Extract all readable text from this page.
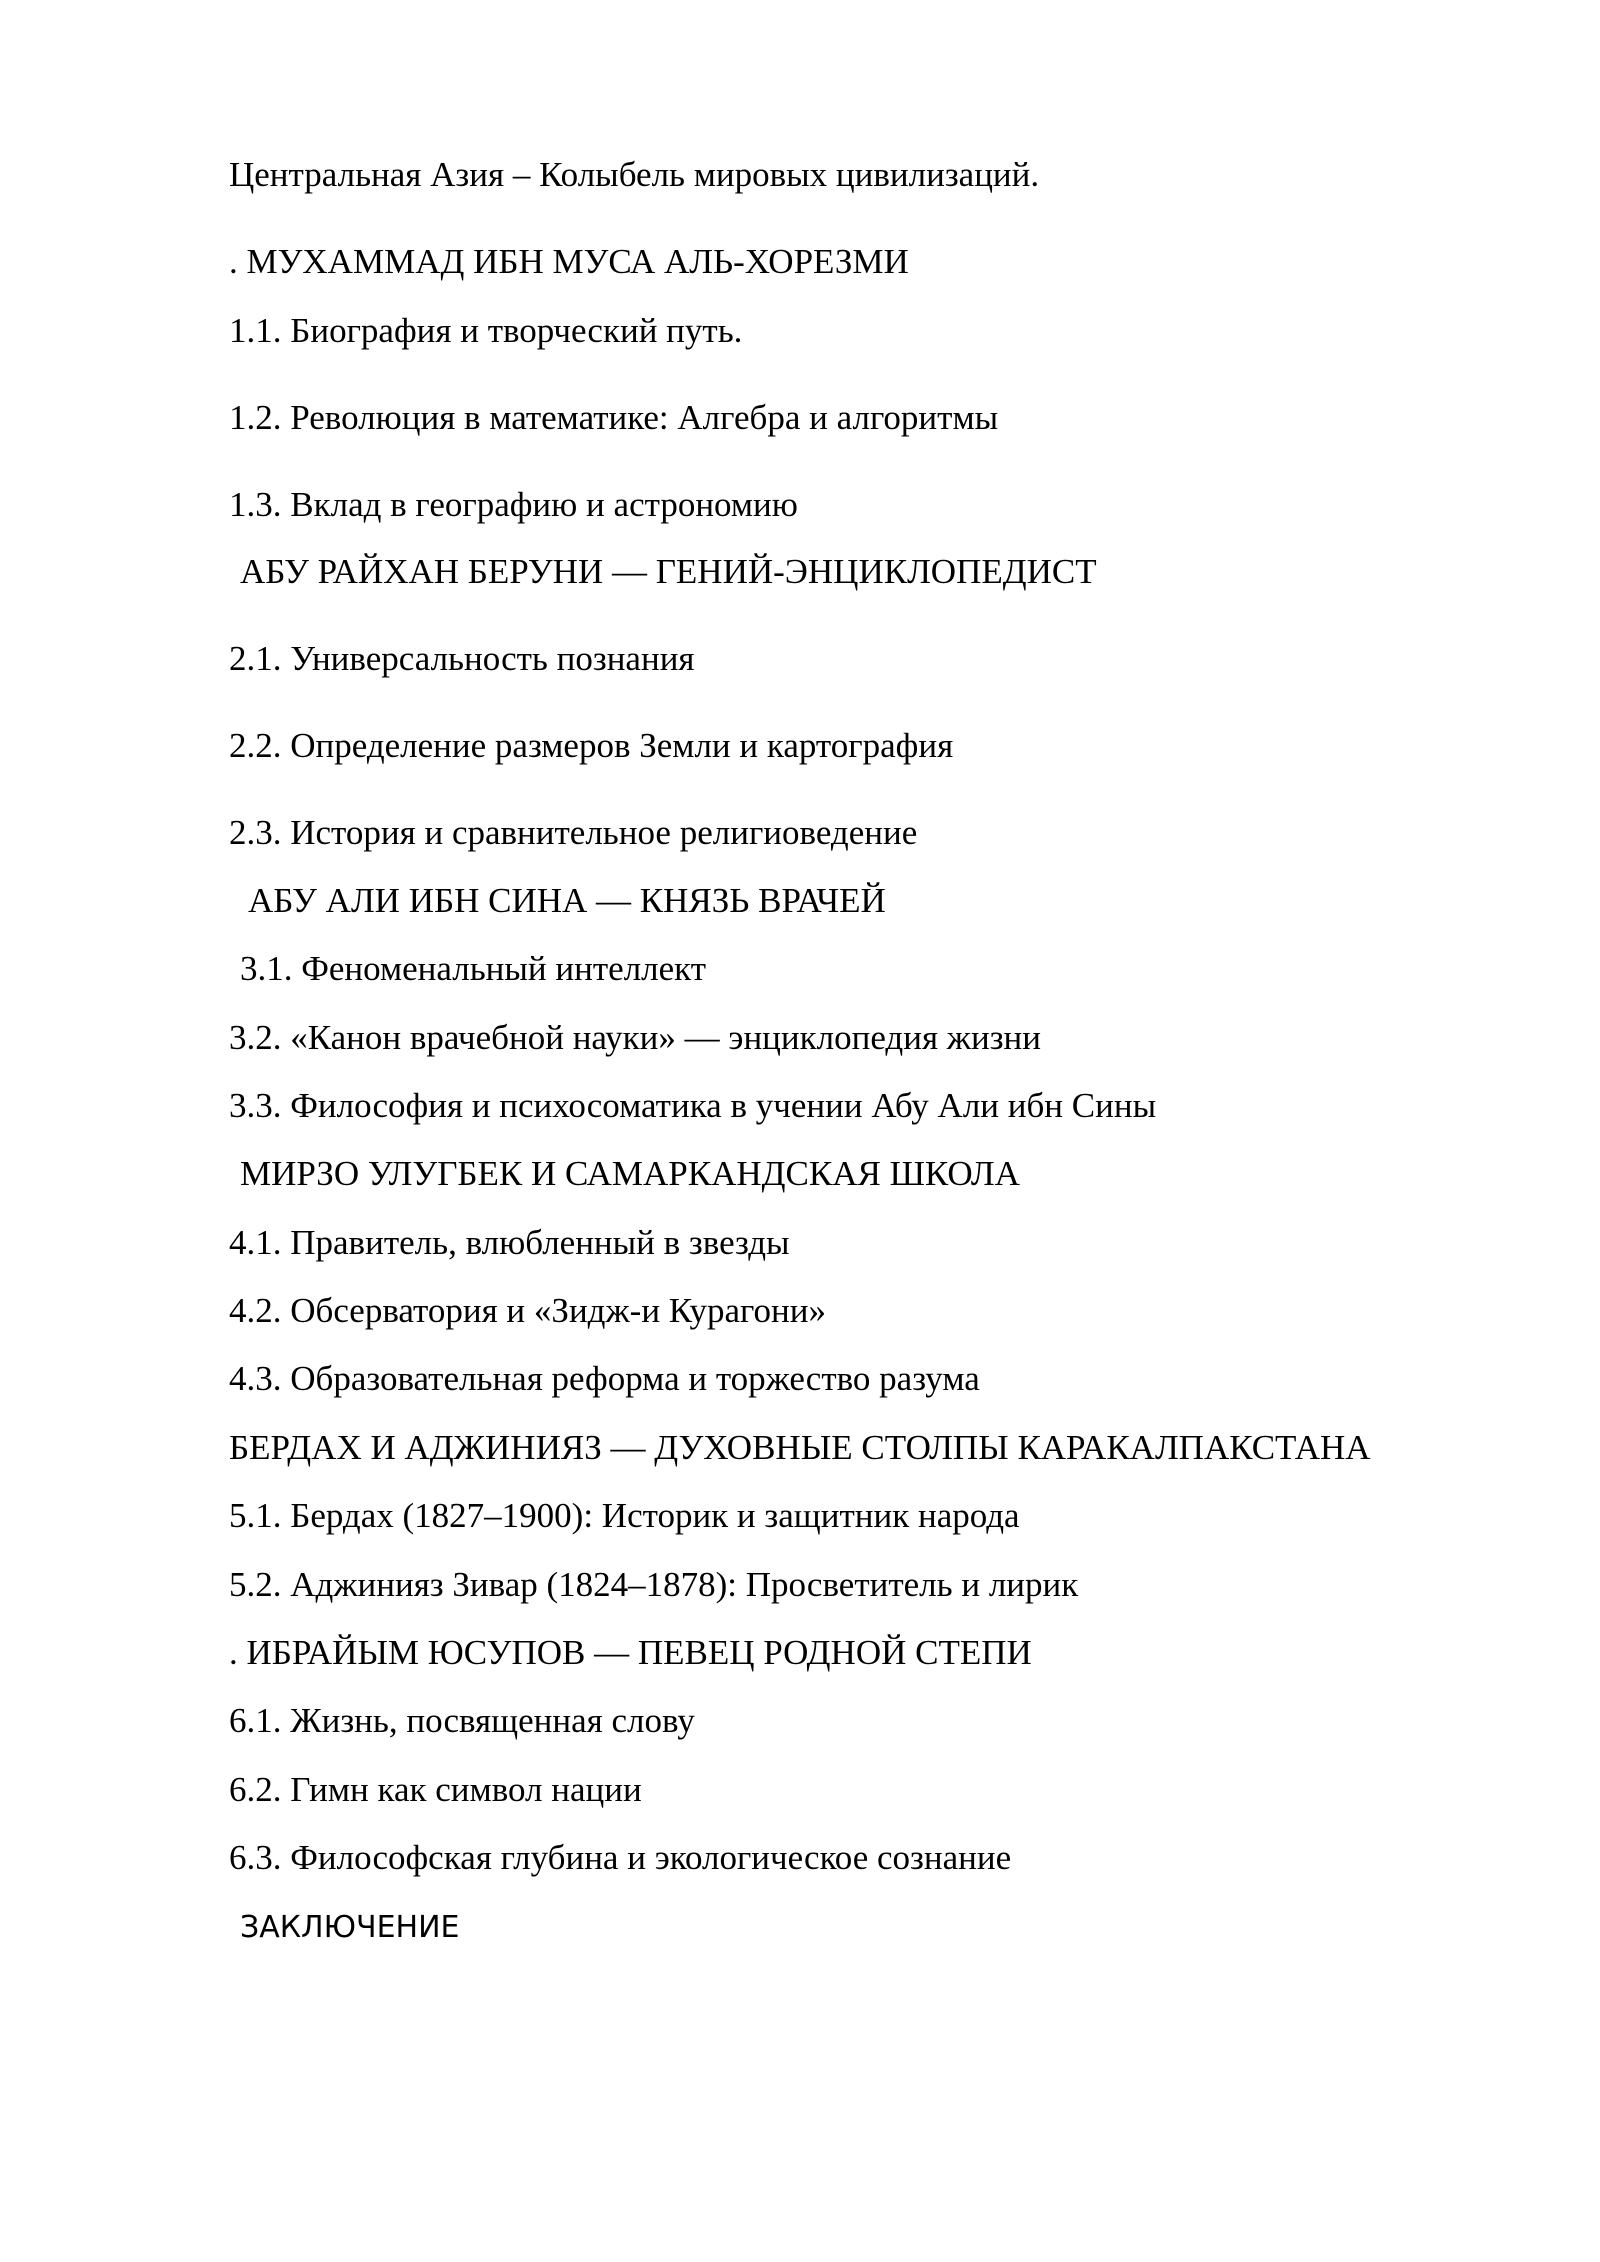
Центральная Азия – Колыбель мировых цивилизаций.
. МУХАММАД ИБН МУСА АЛЬ-ХОРЕЗМИ
1.1. Биография и творческий путь.
1.2. Революция в математике: Алгебра и алгоритмы
1.3. Вклад в географию и астрономию
АБУ РАЙХАН БЕРУНИ — ГЕНИЙ-ЭНЦИКЛОПЕДИСТ
2.1. Универсальность познания
2.2. Определение размеров Земли и картография
2.3. История и сравнительное религиоведение
АБУ АЛИ ИБН СИНА — КНЯЗЬ ВРАЧЕЙ
3.1. Феноменальный интеллект
3.2. «Канон врачебной науки» — энциклопедия жизни
3.3. Философия и психосоматика в учении Абу Али ибн Сины
МИРЗО УЛУГБЕК И САМАРКАНДСКАЯ ШКОЛА
4.1. Правитель, влюбленный в звезды
4.2. Обсерватория и «Зидж-и Курагони»
4.3. Образовательная реформа и торжество разума
БЕРДАХ И АДЖИНИЯЗ — ДУХОВНЫЕ СТОЛПЫ КАРАКАЛПАКСТАНА
5.1. Бердах (1827–1900): Историк и защитник народа
5.2. Аджинияз Зивар (1824–1878): Просветитель и лирик
. ИБРАЙЫМ ЮСУПОВ — ПЕВЕЦ РОДНОЙ СТЕПИ
6.1. Жизнь, посвященная слову
6.2. Гимн как символ нации
6.3. Философская глубина и экологическое сознание
ЗАКЛЮЧЕНИЕ
